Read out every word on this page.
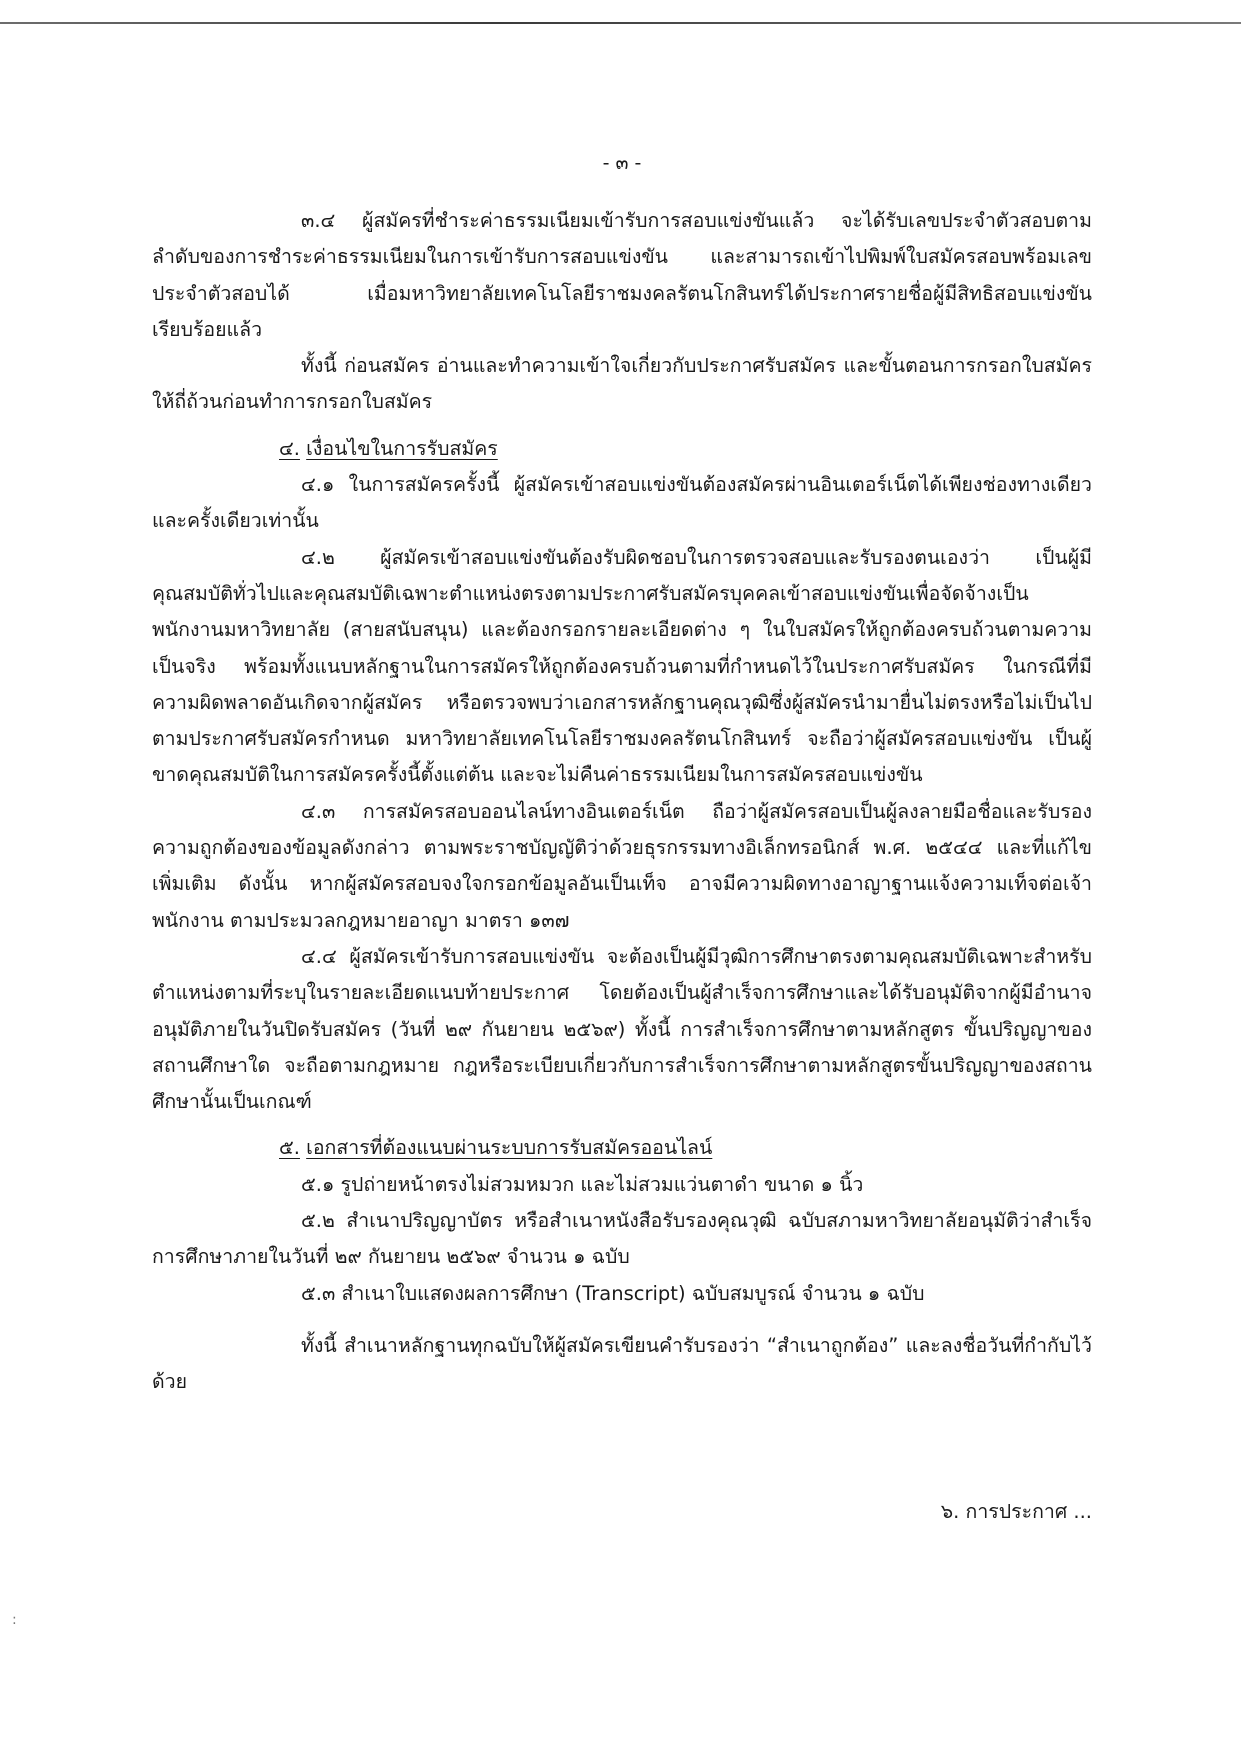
- ๓ -

๓.๔ ผู้สมัครที่ชำระค่าธรรมเนียมเข้ารับการสอบแข่งขันแล้ว จะได้รับเลขประจำตัวสอบตามลำดับของการชำระค่าธรรมเนียมในการเข้ารับการสอบแข่งขัน และสามารถเข้าไปพิมพ์ใบสมัครสอบพร้อมเลขประจำตัวสอบได้ เมื่อมหาวิทยาลัยเทคโนโลยีราชมงคลรัตนโกสินทร์ได้ประกาศรายชื่อผู้มีสิทธิสอบแข่งขันเรียบร้อยแล้ว

ทั้งนี้ ก่อนสมัคร อ่านและทำความเข้าใจเกี่ยวกับประกาศรับสมัคร และขั้นตอนการกรอกใบสมัครให้ถี่ถ้วนก่อนทำการกรอกใบสมัคร

๔. เงื่อนไขในการรับสมัคร

๔.๑ ในการสมัครครั้งนี้ ผู้สมัครเข้าสอบแข่งขันต้องสมัครผ่านอินเตอร์เน็ตได้เพียงช่องทางเดียวและครั้งเดียวเท่านั้น

๔.๒ ผู้สมัครเข้าสอบแข่งขันต้องรับผิดชอบในการตรวจสอบและรับรองตนเองว่า เป็นผู้มีคุณสมบัติทั่วไปและคุณสมบัติเฉพาะตำแหน่งตรงตามประกาศรับสมัครบุคคลเข้าสอบแข่งขันเพื่อจัดจ้างเป็นพนักงานมหาวิทยาลัย (สายสนับสนุน) และต้องกรอกรายละเอียดต่าง ๆ ในใบสมัครให้ถูกต้องครบถ้วนตามความเป็นจริง พร้อมทั้งแนบหลักฐานในการสมัครให้ถูกต้องครบถ้วนตามที่กำหนดไว้ในประกาศรับสมัคร ในกรณีที่มีความผิดพลาดอันเกิดจากผู้สมัคร หรือตรวจพบว่าเอกสารหลักฐานคุณวุฒิซึ่งผู้สมัครนำมายื่นไม่ตรงหรือไม่เป็นไปตามประกาศรับสมัครกำหนด มหาวิทยาลัยเทคโนโลยีราชมงคลรัตนโกสินทร์ จะถือว่าผู้สมัครสอบแข่งขัน เป็นผู้ขาดคุณสมบัติในการสมัครครั้งนี้ตั้งแต่ต้น และจะไม่คืนค่าธรรมเนียมในการสมัครสอบแข่งขัน

๔.๓ การสมัครสอบออนไลน์ทางอินเตอร์เน็ต ถือว่าผู้สมัครสอบเป็นผู้ลงลายมือชื่อและรับรองความถูกต้องของข้อมูลดังกล่าว ตามพระราชบัญญัติว่าด้วยธุรกรรมทางอิเล็กทรอนิกส์ พ.ศ. ๒๕๔๔ และที่แก้ไขเพิ่มเติม ดังนั้น หากผู้สมัครสอบจงใจกรอกข้อมูลอันเป็นเท็จ อาจมีความผิดทางอาญาฐานแจ้งความเท็จต่อเจ้าพนักงาน ตามประมวลกฎหมายอาญา มาตรา ๑๓๗

๔.๔ ผู้สมัครเข้ารับการสอบแข่งขัน จะต้องเป็นผู้มีวุฒิการศึกษาตรงตามคุณสมบัติเฉพาะสำหรับตำแหน่งตามที่ระบุในรายละเอียดแนบท้ายประกาศ โดยต้องเป็นผู้สำเร็จการศึกษาและได้รับอนุมัติจากผู้มีอำนาจอนุมัติภายในวันปิดรับสมัคร (วันที่ ๒๙ กันยายน ๒๕๖๙) ทั้งนี้ การสำเร็จการศึกษาตามหลักสูตร ขั้นปริญญาของสถานศึกษาใด จะถือตามกฎหมาย กฎหรือระเบียบเกี่ยวกับการสำเร็จการศึกษาตามหลักสูตรขั้นปริญญาของสถานศึกษานั้นเป็นเกณฑ์

๕. เอกสารที่ต้องแนบผ่านระบบการรับสมัครออนไลน์

๕.๑ รูปถ่ายหน้าตรงไม่สวมหมวก และไม่สวมแว่นตาดำ ขนาด ๑ นิ้ว

๕.๒ สำเนาปริญญาบัตร หรือสำเนาหนังสือรับรองคุณวุฒิ ฉบับสภามหาวิทยาลัยอนุมัติว่าสำเร็จการศึกษาภายในวันที่ ๒๙ กันยายน ๒๕๖๙ จำนวน ๑ ฉบับ

๕.๓ สำเนาใบแสดงผลการศึกษา (Transcript) ฉบับสมบูรณ์ จำนวน ๑ ฉบับ

ทั้งนี้ สำเนาหลักฐานทุกฉบับให้ผู้สมัครเขียนคำรับรองว่า “สำเนาถูกต้อง” และลงชื่อวันที่กำกับไว้ด้วย

๖. การประกาศ ...
:
